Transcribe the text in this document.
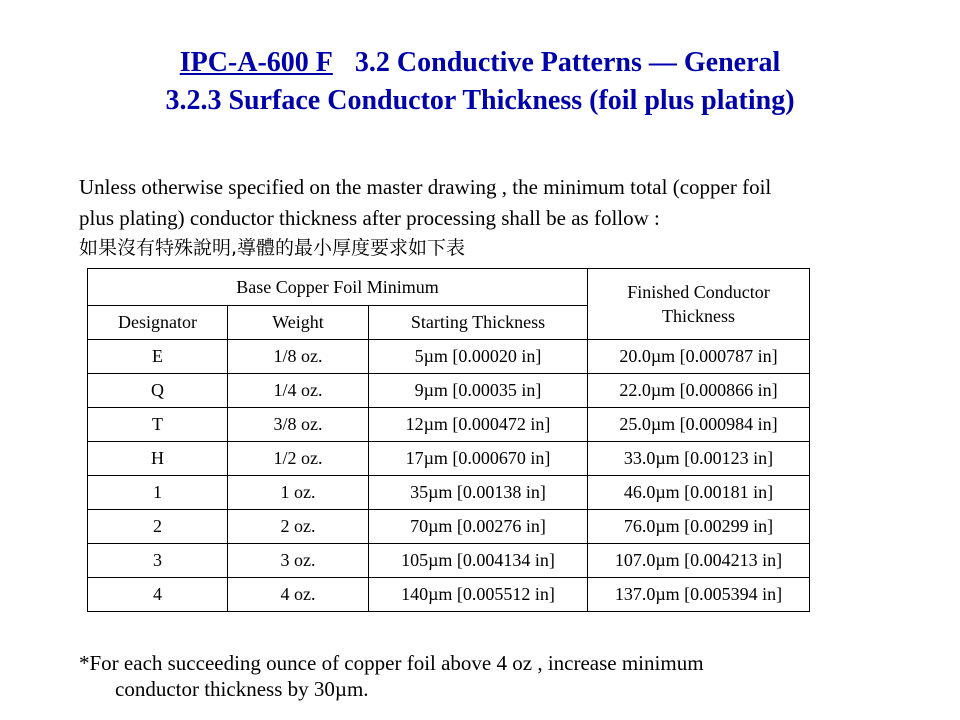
IPC-A-600 F 3.2 Conductive Patterns — General
3.2.3 Surface Conductor Thickness (foil plus plating)
Unless otherwise specified on the master drawing , the minimum total (copper foil
plus plating) conductor thickness after processing shall be as follow :
如果沒有特殊說明,導體的最小厚度要求如下表
Base Copper Foil Minimum			Finished Conductor
Thickness
Designator	Weight	Starting Thickness	
E	1/8 oz.	5µm [0.00020 in]	20.0µm [0.000787 in]
Q	1/4 oz.	9µm [0.00035 in]	22.0µm [0.000866 in]
T	3/8 oz.	12µm [0.000472 in]	25.0µm [0.000984 in]
H	1/2 oz.	17µm [0.000670 in]	33.0µm [0.00123 in]
1	1 oz.	35µm [0.00138 in]	46.0µm [0.00181 in]
2	2 oz.	70µm [0.00276 in]	76.0µm [0.00299 in]
3	3 oz.	105µm [0.004134 in]	107.0µm [0.004213 in]
4	4 oz.	140µm [0.005512 in]	137.0µm [0.005394 in]
*For each succeeding ounce of copper foil above 4 oz , increase minimum
conductor thickness by 30µm.
